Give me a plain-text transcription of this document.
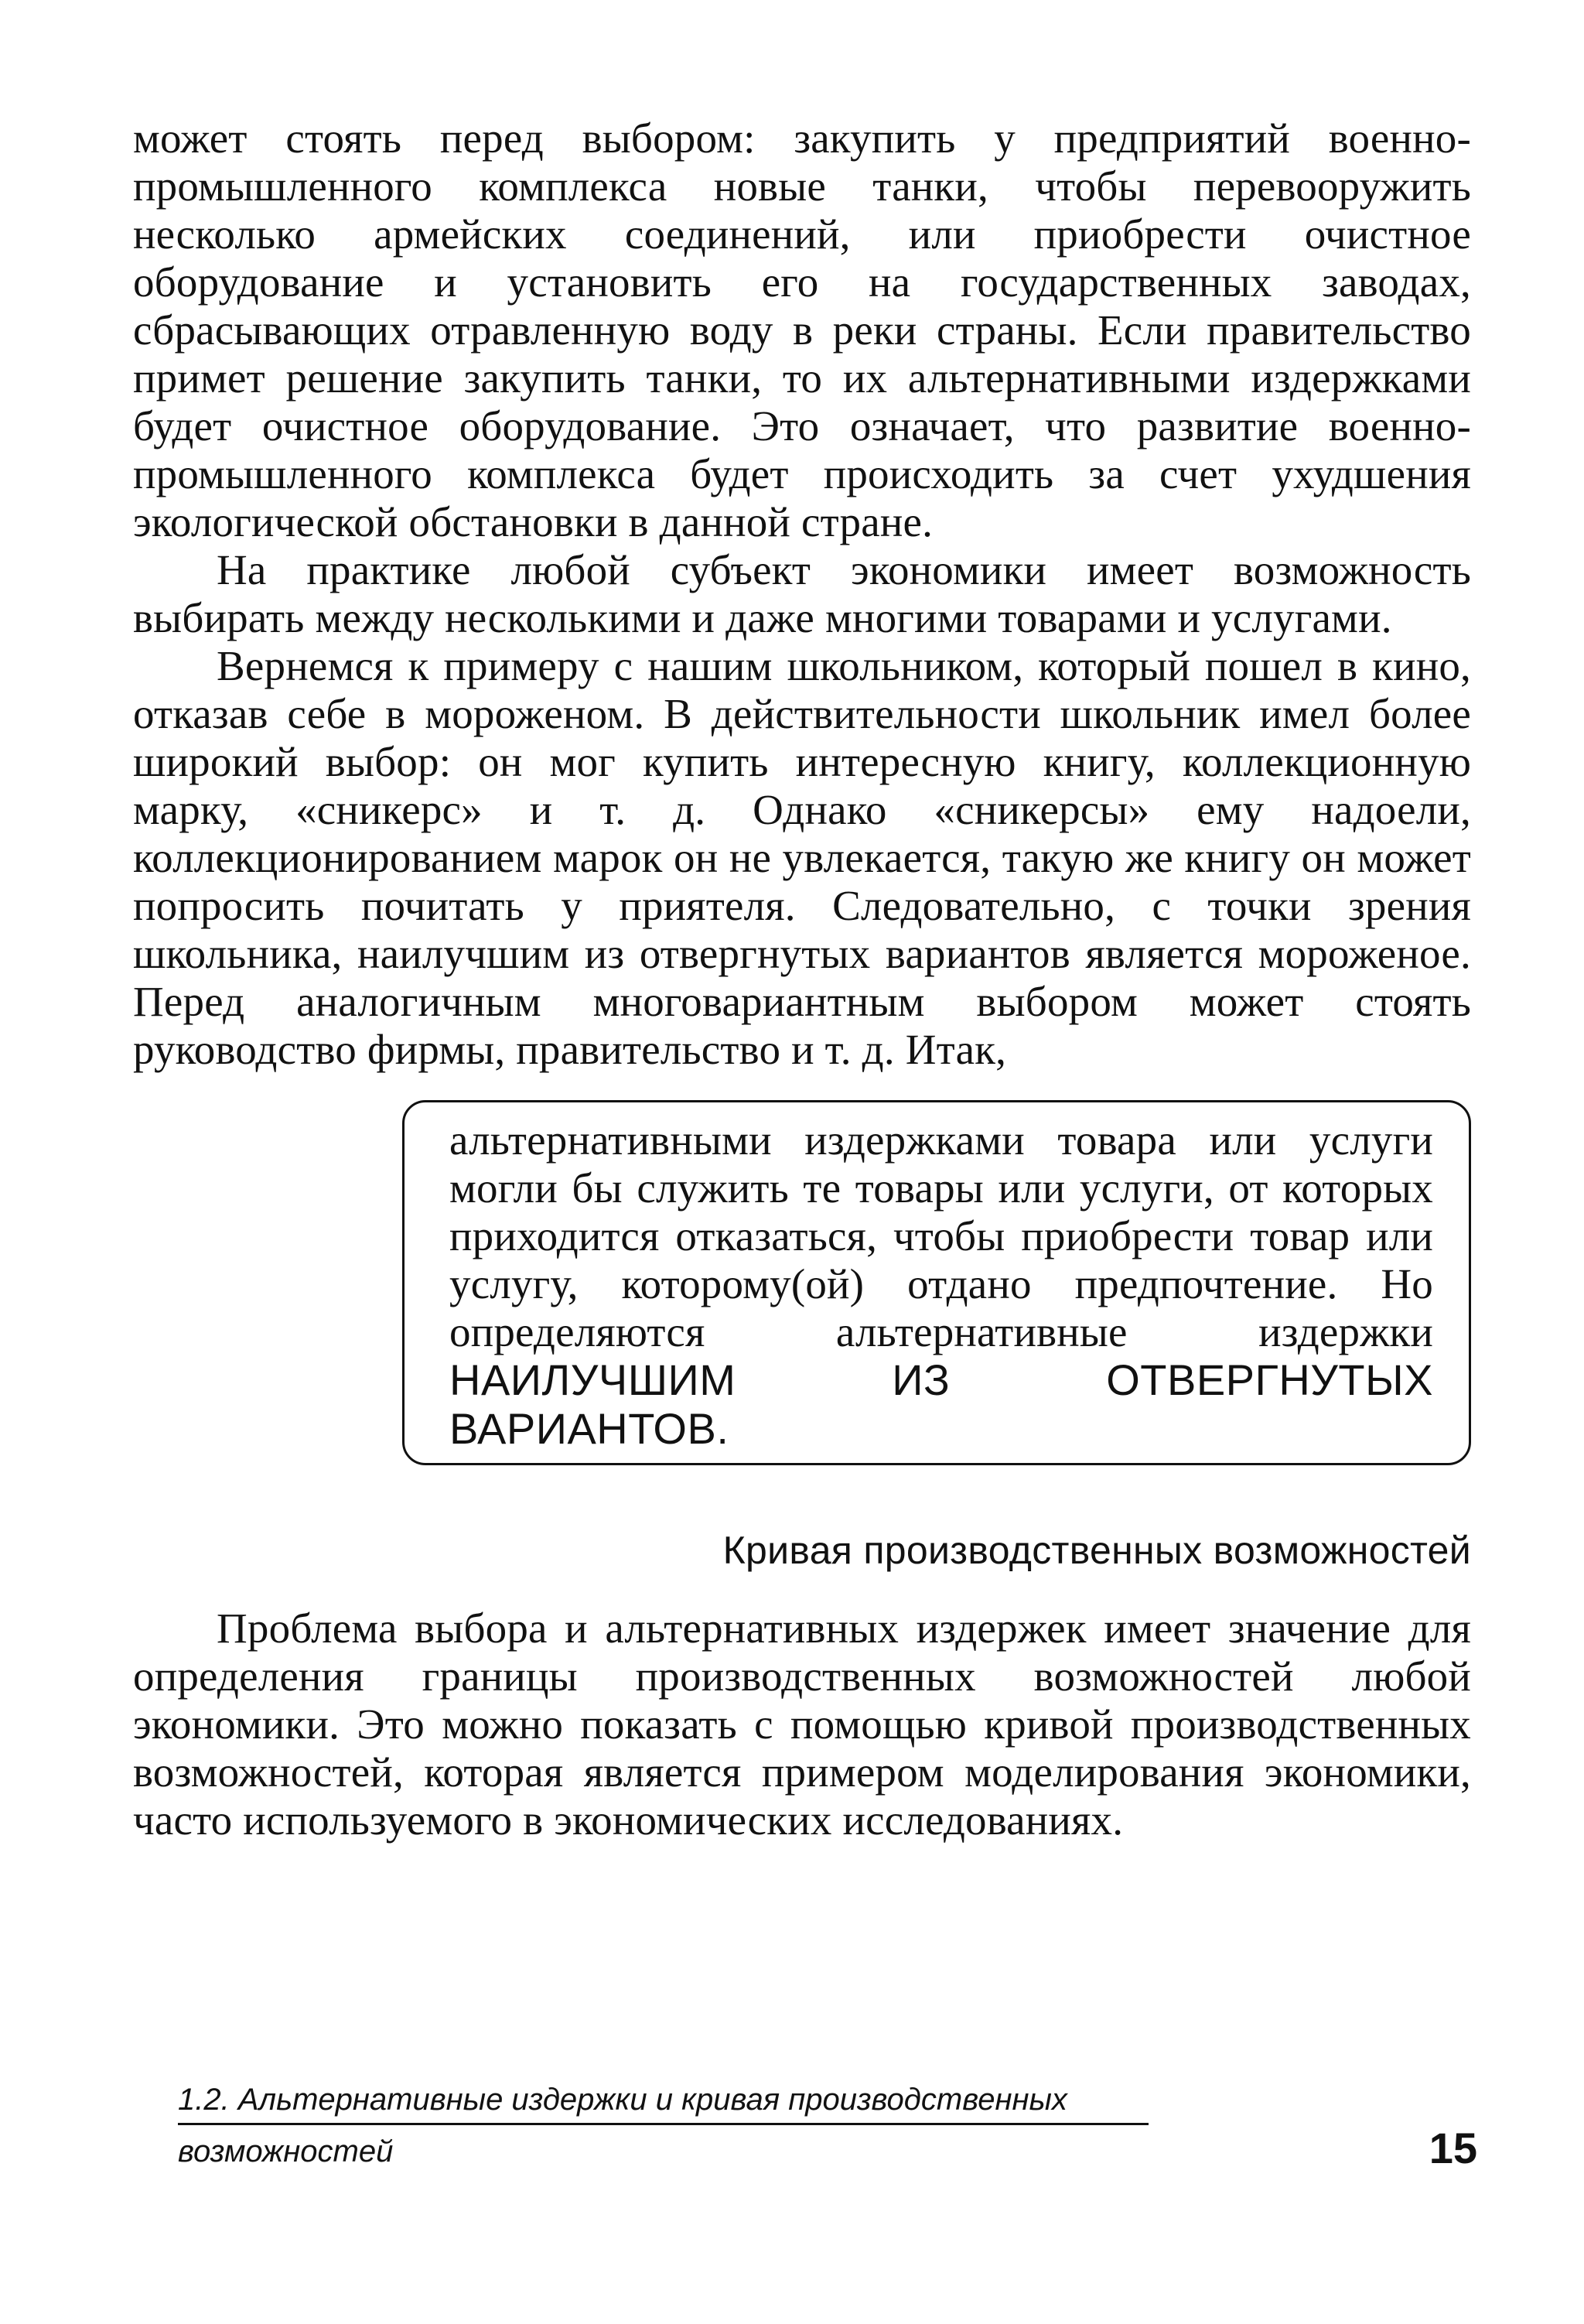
может стоять перед выбором: закупить у предприятий военно-промышленного комплекса новые танки, чтобы перевооружить несколько армейских соединений, или приобрести очистное оборудование и установить его на государственных заводах, сбрасывающих отравленную воду в реки страны. Если правительство примет решение закупить танки, то их альтернативными издержками будет очистное оборудование. Это означает, что развитие военно-промышленного комплекса будет происходить за счет ухудшения экологической обстановки в данной стране.

На практике любой субъект экономики имеет возможность выбирать между несколькими и даже многими товарами и услугами.

Вернемся к примеру с нашим школьником, который пошел в кино, отказав себе в мороженом. В действительности школьник имел более широкий выбор: он мог купить интересную книгу, коллекционную марку, «сникерс» и т. д. Однако «сникерсы» ему надоели, коллекционированием марок он не увлекается, такую же книгу он может попросить почитать у приятеля. Следовательно, с точки зрения школьника, наилучшим из отвергнутых вариантов является мороженое. Перед аналогичным многовариантным выбором может стоять руководство фирмы, правительство и т. д. Итак,

альтернативными издержками товара или услуги могли бы служить те товары или услуги, от которых приходится отказаться, чтобы приобрести товар или услугу, которому(ой) отдано предпочтение. Но определяются альтернативные издержки НАИЛУЧШИМ ИЗ ОТВЕРГНУТЫХ ВАРИАНТОВ.

Кривая производственных возможностей

Проблема выбора и альтернативных издержек имеет значение для определения границы производственных возможностей любой экономики. Это можно показать с помощью кривой производственных возможностей, которая является примером моделирования экономики, часто используемого в экономических исследованиях.

1.2. Альтернативные издержки и кривая производственных
возможностей	15
